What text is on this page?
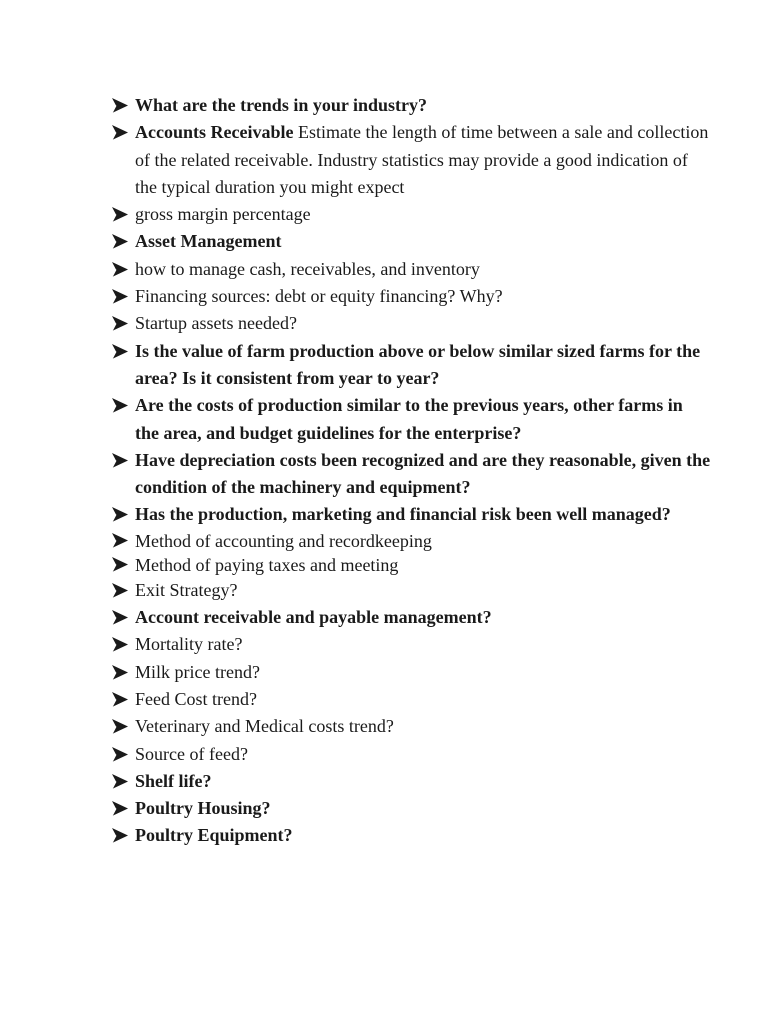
What are the trends in your industry?
Accounts Receivable Estimate the length of time between a sale and collection of the related receivable. Industry statistics may provide a good indication of the typical duration you might expect
gross margin percentage
Asset Management
how to manage cash, receivables, and inventory
Financing sources: debt or equity financing? Why?
Startup assets needed?
Is the value of farm production above or below similar sized farms for the area? Is it consistent from year to year?
Are the costs of production similar to the previous years, other farms in the area, and budget guidelines for the enterprise?
Have depreciation costs been recognized and are they reasonable, given the condition of the machinery and equipment?
Has the production, marketing and financial risk been well managed?
Method of accounting and recordkeeping
Method of paying taxes and meeting
Exit Strategy?
Account receivable and payable management?
Mortality rate?
Milk price trend?
Feed Cost trend?
Veterinary and Medical costs trend?
Source of feed?
Shelf life?
Poultry Housing?
Poultry Equipment?
